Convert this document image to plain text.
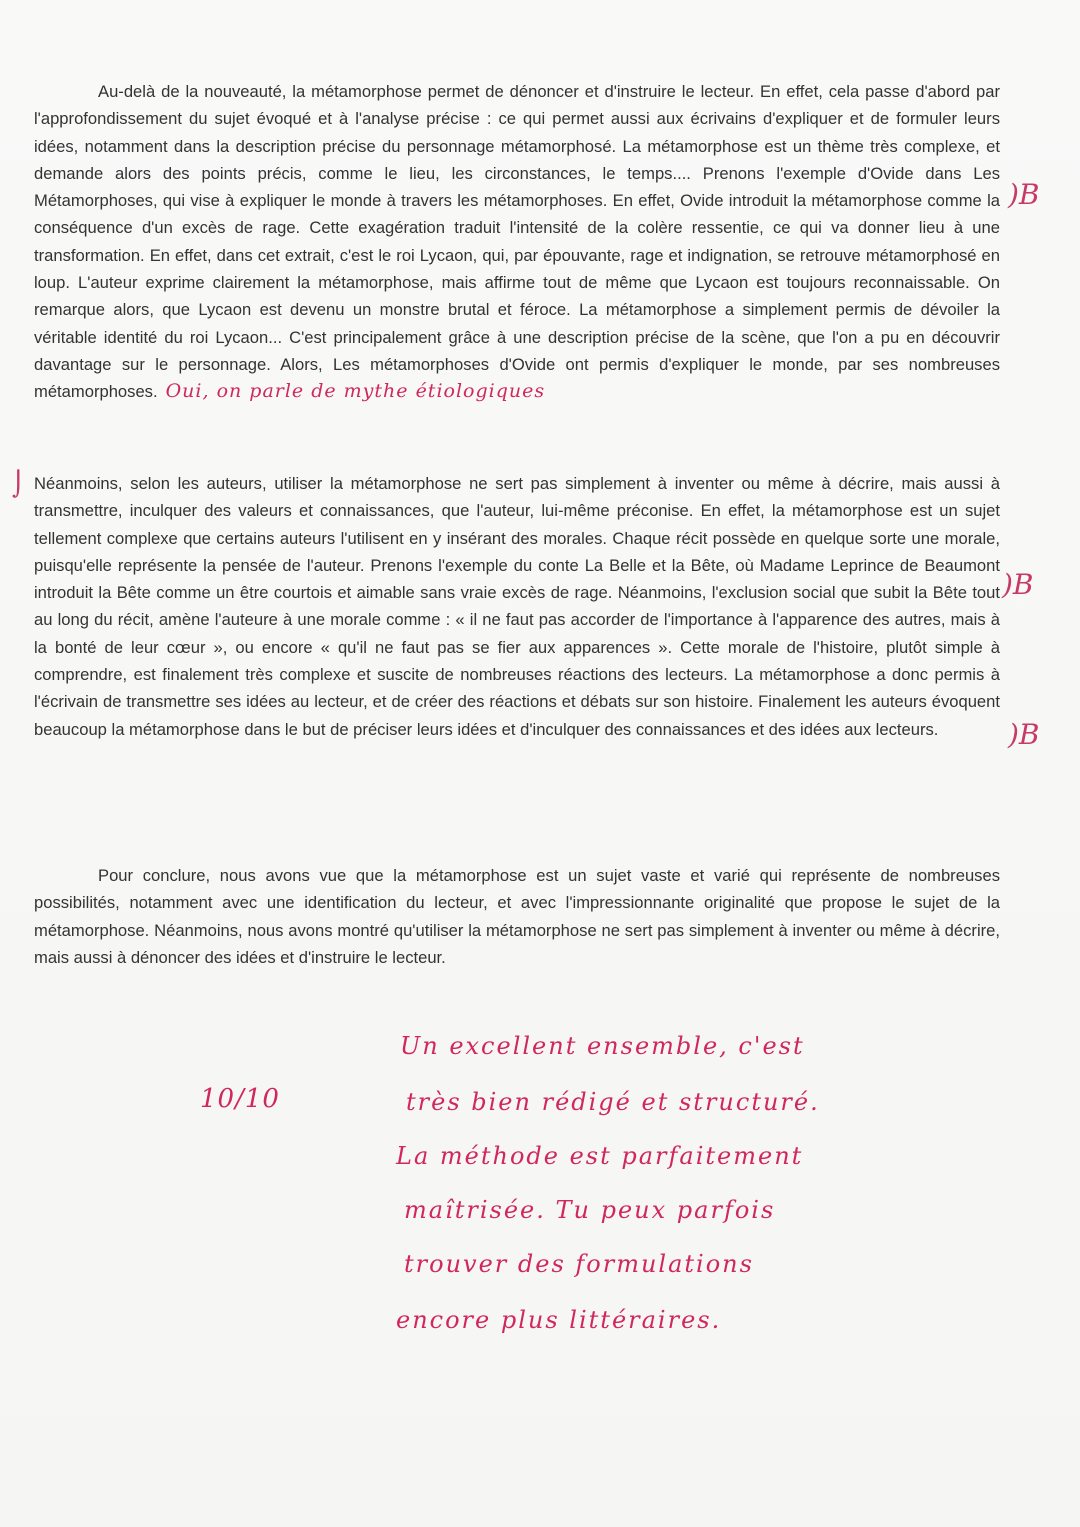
Au-delà de la nouveauté, la métamorphose permet de dénoncer et d'instruire le lecteur. En effet, cela passe d'abord par l'approfondissement du sujet évoqué et à l'analyse précise : ce qui permet aussi aux écrivains d'expliquer et de formuler leurs idées, notamment dans la description précise du personnage métamorphosé. La métamorphose est un thème très complexe, et demande alors des points précis, comme le lieu, les circonstances, le temps.... Prenons l'exemple d'Ovide dans Les Métamorphoses, qui vise à expliquer le monde à travers les métamorphoses. En effet, Ovide introduit la métamorphose comme la conséquence d'un excès de rage. Cette exagération traduit l'intensité de la colère ressentie, ce qui va donner lieu à une transformation. En effet, dans cet extrait, c'est le roi Lycaon, qui, par épouvante, rage et indignation, se retrouve métamorphosé en loup. L'auteur exprime clairement la métamorphose, mais affirme tout de même que Lycaon est toujours reconnaissable. On remarque alors, que Lycaon est devenu un monstre brutal et féroce. La métamorphose a simplement permis de dévoiler la véritable identité du roi Lycaon... C'est principalement grâce à une description précise de la scène, que l'on a pu en découvrir davantage sur le personnage. Alors, Les métamorphoses d'Ovide ont permis d'expliquer le monde, par ses nombreuses métamorphoses. Oui, on parle de mythe étiologiques

⌡ Néanmoins, selon les auteurs, utiliser la métamorphose ne sert pas simplement à inventer ou même à décrire, mais aussi à transmettre, inculquer des valeurs et connaissances, que l'auteur, lui-même préconise. En effet, la métamorphose est un sujet tellement complexe que certains auteurs l'utilisent en y insérant des morales. Chaque récit possède en quelque sorte une morale, puisqu'elle représente la pensée de l'auteur. Prenons l'exemple du conte La Belle et la Bête, où Madame Leprince de Beaumont introduit la Bête comme un être courtois et aimable sans vraie excès de rage. Néanmoins, l'exclusion social que subit la Bête tout au long du récit, amène l'auteure à une morale comme : « il ne faut pas accorder de l'importance à l'apparence des autres, mais à la bonté de leur cœur », ou encore « qu'il ne faut pas se fier aux apparences ». Cette morale de l'histoire, plutôt simple à comprendre, est finalement très complexe et suscite de nombreuses réactions des lecteurs. La métamorphose a donc permis à l'écrivain de transmettre ses idées au lecteur, et de créer des réactions et débats sur son histoire. Finalement les auteurs évoquent beaucoup la métamorphose dans le but de préciser leurs idées et d'inculquer des connaissances et des idées aux lecteurs.

Pour conclure, nous avons vue que la métamorphose est un sujet vaste et varié qui représente de nombreuses possibilités, notamment avec une identification du lecteur, et avec l'impressionnante originalité que propose le sujet de la métamorphose. Néanmoins, nous avons montré qu'utiliser la métamorphose ne sert pas simplement à inventer ou même à décrire, mais aussi à dénoncer des idées et d'instruire le lecteur.

)B
)B
)B
10/10
Un excellent ensemble, c'est
très bien rédigé et structuré.
La méthode est parfaitement
maîtrisée. Tu peux parfois
trouver des formulations
encore plus littéraires.
